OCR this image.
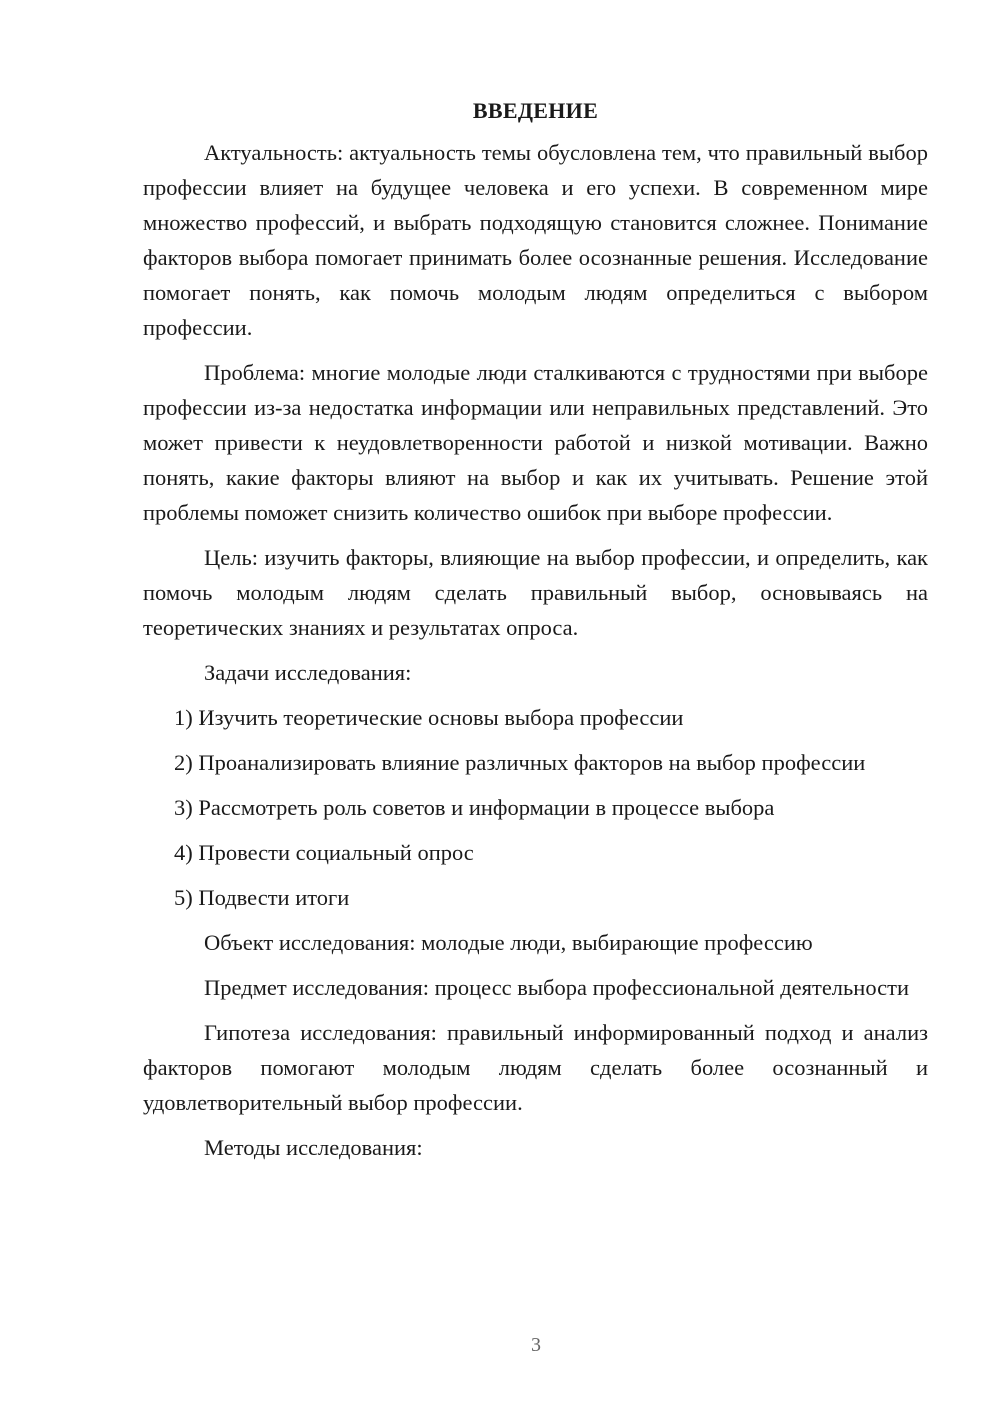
ВВЕДЕНИЕ

Актуальность: актуальность темы обусловлена тем, что правильный выбор профессии влияет на будущее человека и его успехи. В современном мире множество профессий, и выбрать подходящую становится сложнее. Понимание факторов выбора помогает принимать более осознанные решения. Исследование помогает понять, как помочь молодым людям определиться с выбором профессии.

Проблема: многие молодые люди сталкиваются с трудностями при выборе профессии из-за недостатка информации или неправильных представлений. Это может привести к неудовлетворенности работой и низкой мотивации. Важно понять, какие факторы влияют на выбор и как их учитывать. Решение этой проблемы поможет снизить количество ошибок при выборе профессии.

Цель: изучить факторы, влияющие на выбор профессии, и определить, как помочь молодым людям сделать правильный выбор, основываясь на теоретических знаниях и результатах опроса.

Задачи исследования:

1) Изучить теоретические основы выбора профессии

2) Проанализировать влияние различных факторов на выбор профессии

3) Рассмотреть роль советов и информации в процессе выбора

4) Провести социальный опрос

5) Подвести итоги

Объект исследования: молодые люди, выбирающие профессию

Предмет исследования: процесс выбора профессиональной деятельности

Гипотеза исследования: правильный информированный подход и анализ факторов помогают молодым людям сделать более осознанный и удовлетворительный выбор профессии.

Методы исследования:

3
